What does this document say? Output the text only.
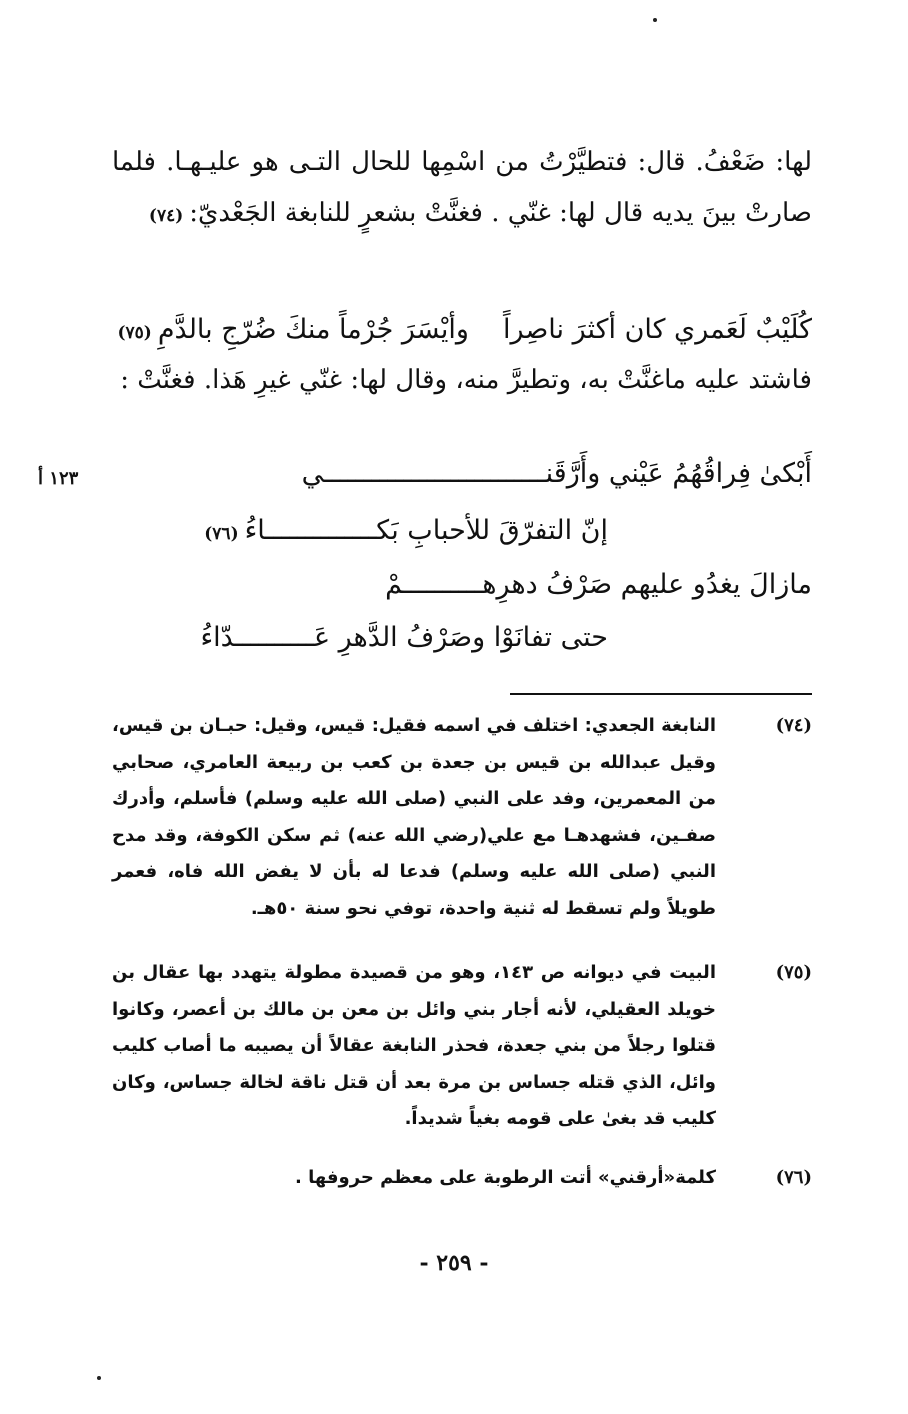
لها: ضَعْفُ. قال: فتطيَّرْتُ من اسْمِها للحال التـى هو عليـهـا. فلما
صارتْ بينَ يديه قال لها: غنّي . فغنَّتْ بشعرٍ للنابغة الجَعْديّ:(٧٤)
كُلَيْبٌ لَعَمري كان أكثرَ ناصِراًوأيْسَرَ جُرْماً منكَ ضُرّجِ بالدَّمِ(٧٥)
فاشتد عليه ماغنَّتْ به، وتطيرَّ منه، وقال لها: غنّي غيرِ هَذا. فغنَّتْ :
أَبْكىٰ فِراقُهُمُ عَيْني وأَرَّقَنــــــــــــــــــــــــــــي
إنّ التفرّقَ للأحبابِ بَكــــــــــــــاءُ(٧٦)
مازالَ يغدُو عليهم صَرْفُ دهرِهــــــــــمْ
حتى تفانَوْا وصَرْفُ الدَّهرِ عَــــــــــدّاءُ
١٢٣ أ
(٧٤)
النابغة الجعدي: اختلف في اسمه فقيل: قيس، وقيل: حبـان بن قيس، وقيل عبدالله بن قيس بن جعدة بن كعب بن ربيعة العامري، صحابي من المعمرين، وفد على النبي (صلى الله عليه وسلم) فأسلم، وأدرك صفـين، فشهدهـا مع علي(رضي الله عنه) ثم سكن الكوفة، وقد مدح النبي (صلى الله عليه وسلم) فدعا له بأن لا يفض الله فاه، فعمر طويلاً ولم تسقط له ثنية واحدة، توفي نحو سنة ٥٠هـ.
(٧٥)
البيت في ديوانه ص ١٤٣، وهو من قصيدة مطولة يتهدد بها عقال بن خويلد العقيلي، لأنه أجار بني وائل بن معن بن مالك بن أعصر، وكانوا قتلوا رجلاً من بني جعدة، فحذر النابغة عقالاً أن يصيبه ما أصاب كليب وائل، الذي قتله جساس بن مرة بعد أن قتل ناقة لخالة جساس، وكان كليب قد بغىٰ على قومه بغياً شديداً.
(٧٦)
كلمة«أرقني» أتت الرطوبة على معظم حروفها .
- ٢٥٩ -
